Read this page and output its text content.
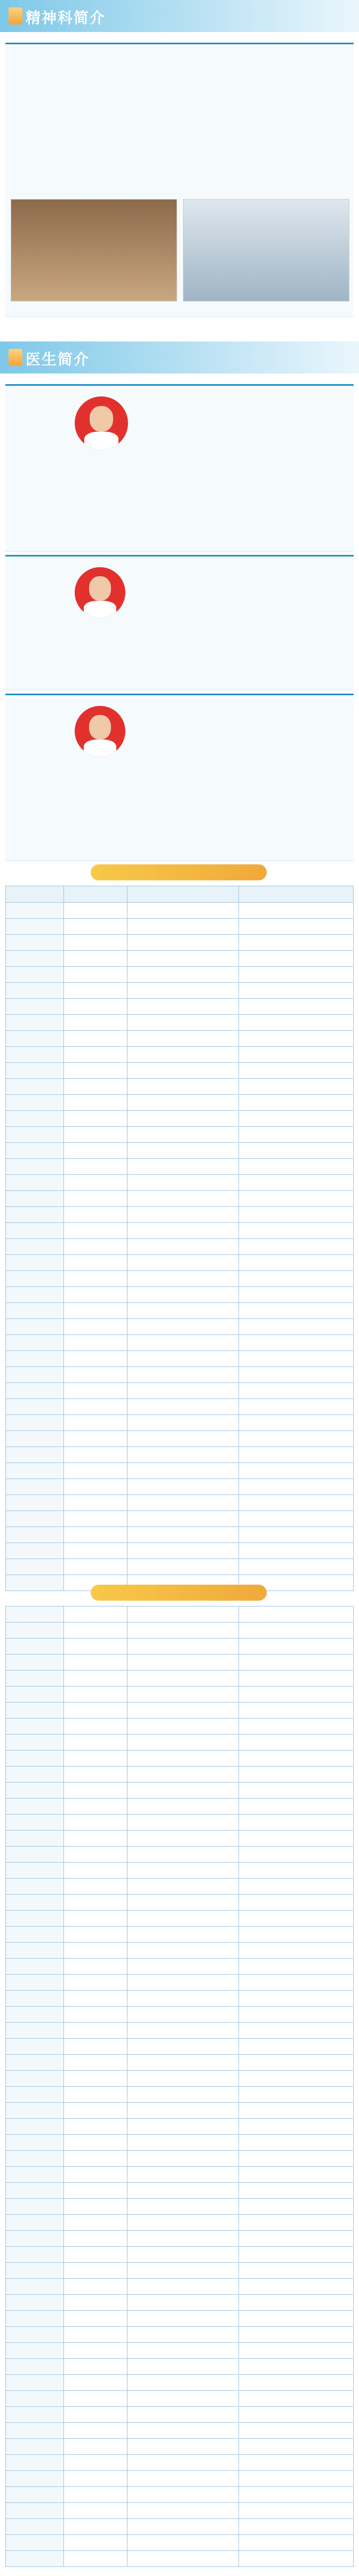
精神科简介

医生简介
